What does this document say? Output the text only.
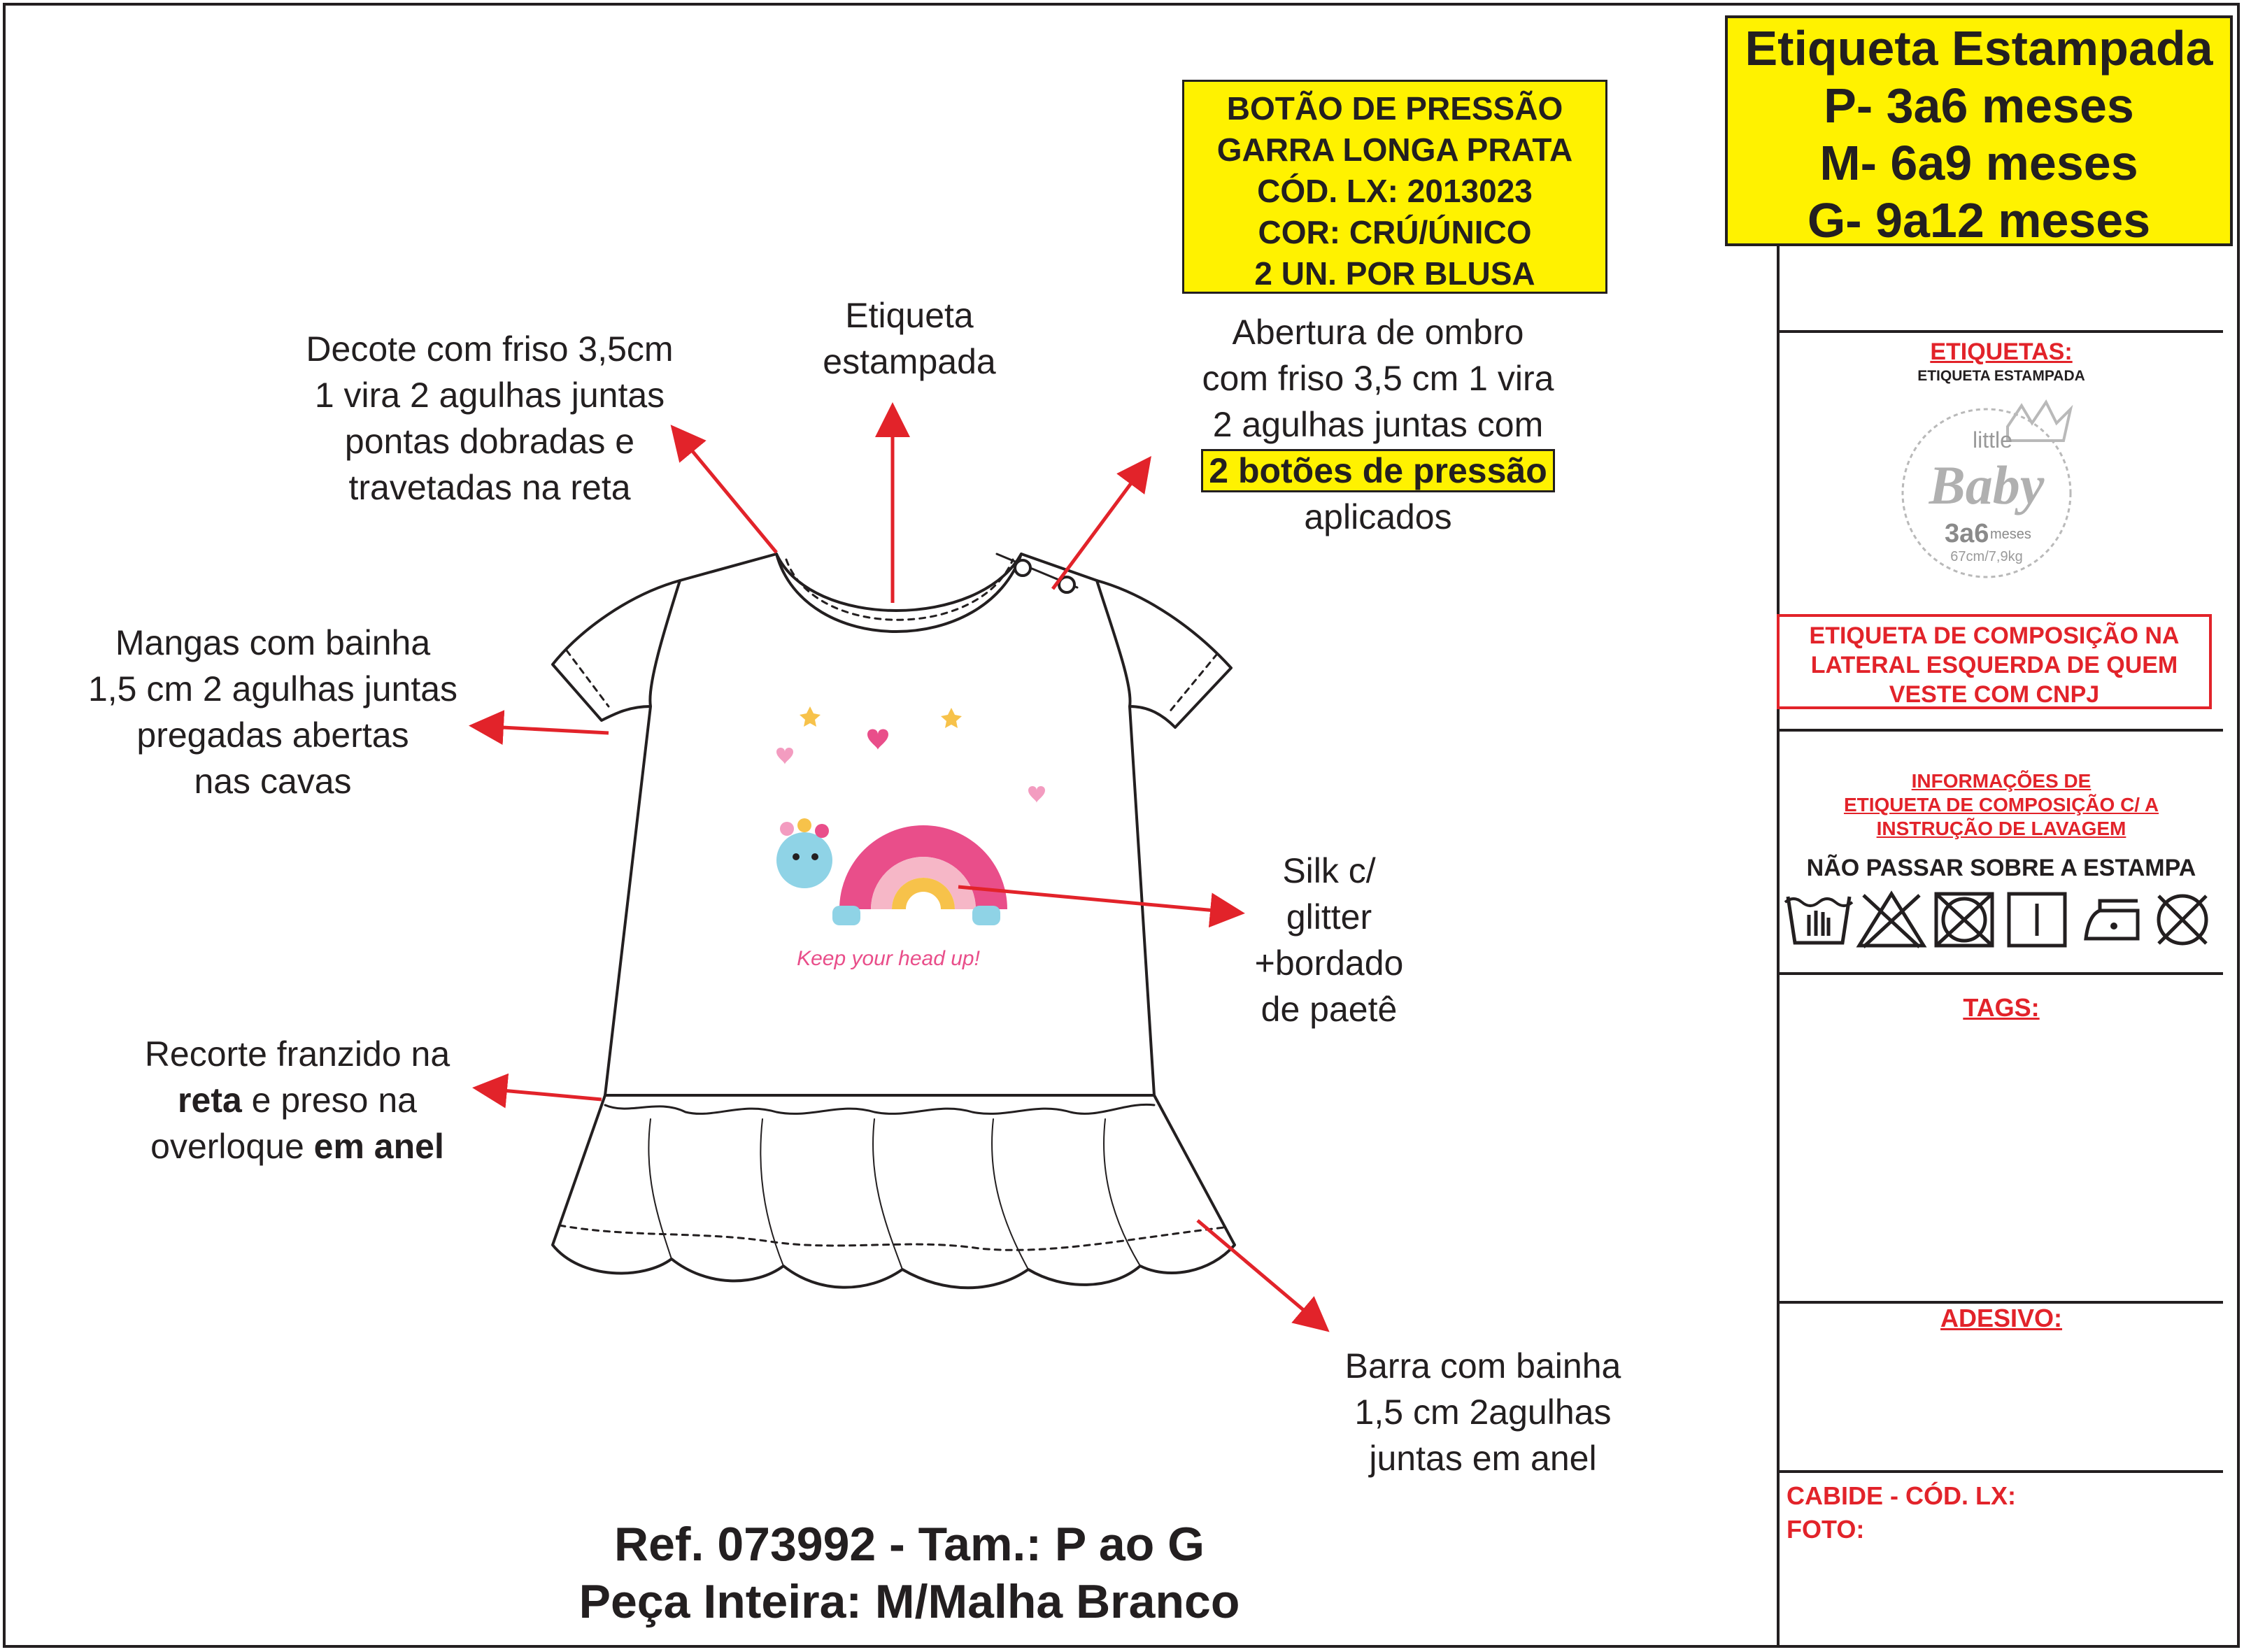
Etiqueta Estampada
P- 3a6 meses
M- 6a9 meses
G- 9a12 meses
BOTÃO DE PRESSÃO
GARRA LONGA PRATA
CÓD. LX: 2013023
COR: CRÚ/ÚNICO
2 UN. POR BLUSA
Decote com friso 3,5cm
1 vira 2 agulhas juntas
pontas dobradas e
travetadas na reta
Etiqueta
estampada
Abertura de ombro
com friso 3,5 cm 1 vira
2 agulhas juntas com
2 botões de pressão
aplicados
Mangas com bainha
1,5 cm 2 agulhas juntas
pregadas abertas
nas cavas
Silk c/
glitter
+bordado
de paetê
Recorte franzido na
reta e preso na
overloque em anel
Barra com bainha
1,5 cm 2agulhas
juntas em anel
Ref. 073992 - Tam.: P ao G
Peça Inteira: M/Malha Branco
Keep your head up!
ETIQUETAS:
ETIQUETA ESTAMPADA
little
Baby
3a6 meses
67cm/7,9kg
ETIQUETA DE COMPOSIÇÃO NA
LATERAL ESQUERDA DE QUEM
VESTE COM CNPJ
INFORMAÇÕES DE
ETIQUETA DE COMPOSIÇÃO C/ A
INSTRUÇÃO DE LAVAGEM
NÃO PASSAR SOBRE A ESTAMPA
TAGS:
ADESIVO:
CABIDE - CÓD. LX:
FOTO:
